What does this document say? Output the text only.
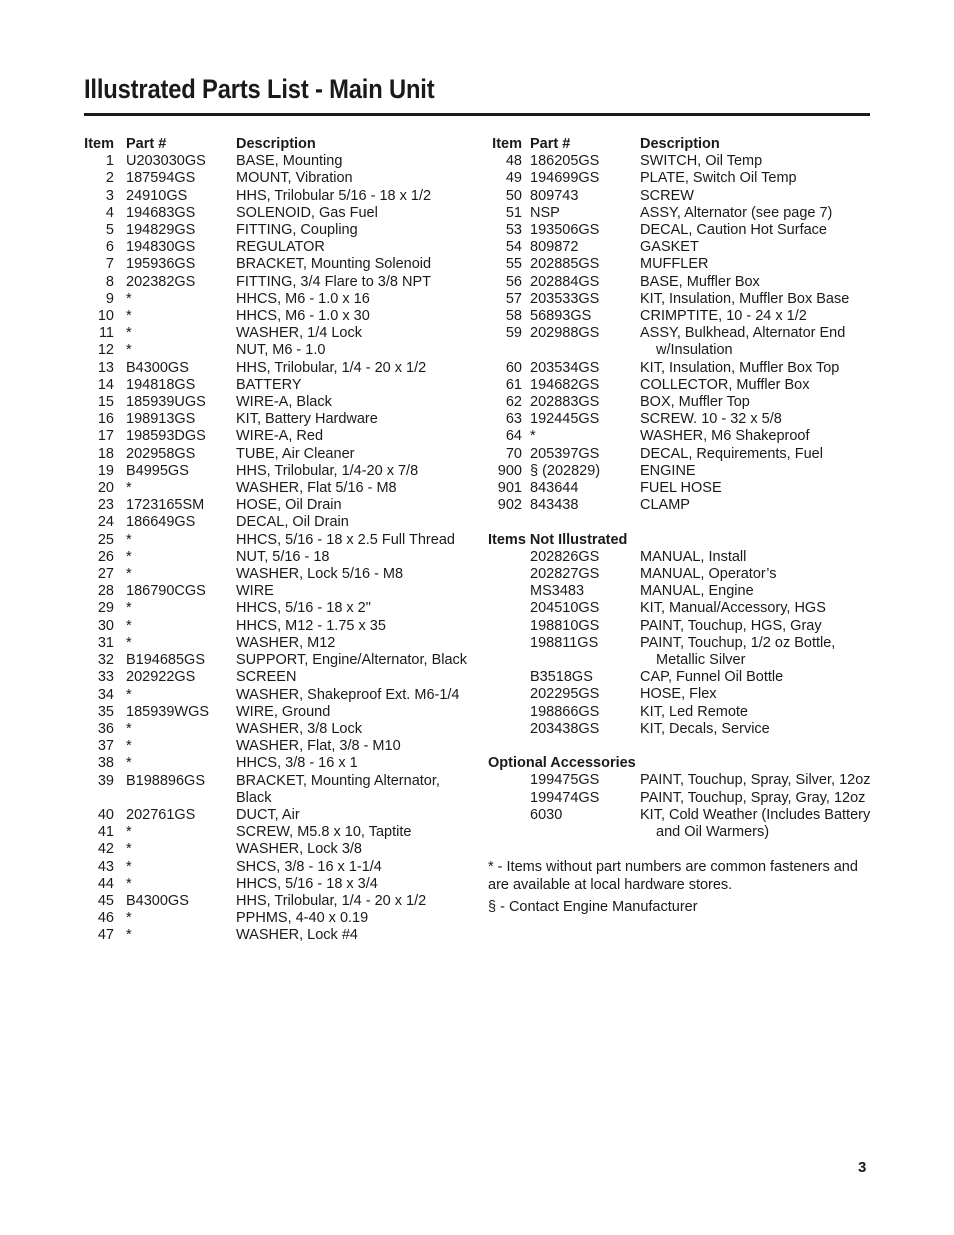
Illustrated Parts List - Main Unit
Item Part #	Description
1 U203030GS	BASE, Mounting
2 187594GS	MOUNT, Vibration
3 24910GS	HHS, Trilobular 5/16 - 18 x 1/2
4 194683GS	SOLENOID, Gas Fuel
5 194829GS	FITTING, Coupling
6 194830GS	REGULATOR
7 195936GS	BRACKET, Mounting Solenoid
8 202382GS	FITTING, 3/4 Flare to 3/8 NPT
9 *	HHCS, M6 - 1.0 x 16
10 *	HHCS, M6 - 1.0 x 30
11 *	WASHER, 1/4 Lock
12 *	NUT, M6 - 1.0
13 B4300GS	HHS, Trilobular, 1/4 - 20 x 1/2
14 194818GS	BATTERY
15 185939UGS	WIRE-A, Black
16 198913GS	KIT, Battery Hardware
17 198593DGS	WIRE-A, Red
18 202958GS	TUBE, Air Cleaner
19 B4995GS	HHS, Trilobular, 1/4-20 x 7/8
20 *	WASHER, Flat 5/16 - M8
23 1723165SM	HOSE, Oil Drain
24 186649GS	DECAL, Oil Drain
25 *	HHCS, 5/16 - 18 x 2.5 Full Thread
26 *	NUT, 5/16 - 18
27 *	WASHER, Lock 5/16 - M8
28 186790CGS	WIRE
29 *	HHCS, 5/16 - 18 x 2"
30 *	HHCS, M12 - 1.75 x 35
31 *	WASHER, M12
32 B194685GS	SUPPORT, Engine/Alternator, Black
33 202922GS	SCREEN
34 *	WASHER, Shakeproof Ext. M6-1/4
35 185939WGS	WIRE, Ground
36 *	WASHER, 3/8 Lock
37 *	WASHER, Flat, 3/8 - M10
38 *	HHCS, 3/8 - 16 x 1
39 B198896GS	BRACKET, Mounting Alternator,
Black
40 202761GS	DUCT, Air
41 *	SCREW, M5.8 x 10, Taptite
42 *	WASHER, Lock 3/8
43 *	SHCS, 3/8 - 16 x 1-1/4
44 *	HHCS, 5/16 - 18 x 3/4
45 B4300GS	HHS, Trilobular, 1/4 - 20 x 1/2
46 *	PPHMS, 4-40 x 0.19
47 *	WASHER, Lock #4
Item Part #	Description
48 186205GS	SWITCH, Oil Temp
49 194699GS	PLATE, Switch Oil Temp
50 809743	SCREW
51 NSP	ASSY, Alternator (see page 7)
53 193506GS	DECAL, Caution Hot Surface
54 809872	GASKET
55 202885GS	MUFFLER
56 202884GS	BASE, Muffler Box
57 203533GS	KIT, Insulation, Muffler Box Base
58 56893GS	CRIMPTITE, 10 - 24 x 1/2
59 202988GS	ASSY, Bulkhead, Alternator End
w/Insulation
60 203534GS	KIT, Insulation, Muffler Box Top
61 194682GS	COLLECTOR, Muffler Box
62 202883GS	BOX, Muffler Top
63 192445GS	SCREW. 10 - 32 x 5/8
64 *	WASHER, M6 Shakeproof
70 205397GS	DECAL, Requirements, Fuel
900 § (202829)	ENGINE
901 843644	FUEL HOSE
902 843438	CLAMP
Items Not Illustrated
202826GS	MANUAL, Install
202827GS	MANUAL, Operator’s
MS3483	MANUAL, Engine
204510GS	KIT, Manual/Accessory, HGS
198810GS	PAINT, Touchup, HGS, Gray
198811GS	PAINT, Touchup, 1/2 oz Bottle,
Metallic Silver
B3518GS	CAP, Funnel Oil Bottle
202295GS	HOSE, Flex
198866GS	KIT, Led Remote
203438GS	KIT, Decals, Service
Optional Accessories
199475GS	PAINT, Touchup, Spray, Silver, 12oz
199474GS	PAINT, Touchup, Spray, Gray, 12oz
6030	KIT, Cold Weather (Includes Battery
and Oil Warmers)
* - Items without part numbers are common fasteners and are available at local hardware stores.
§ - Contact Engine Manufacturer
3
